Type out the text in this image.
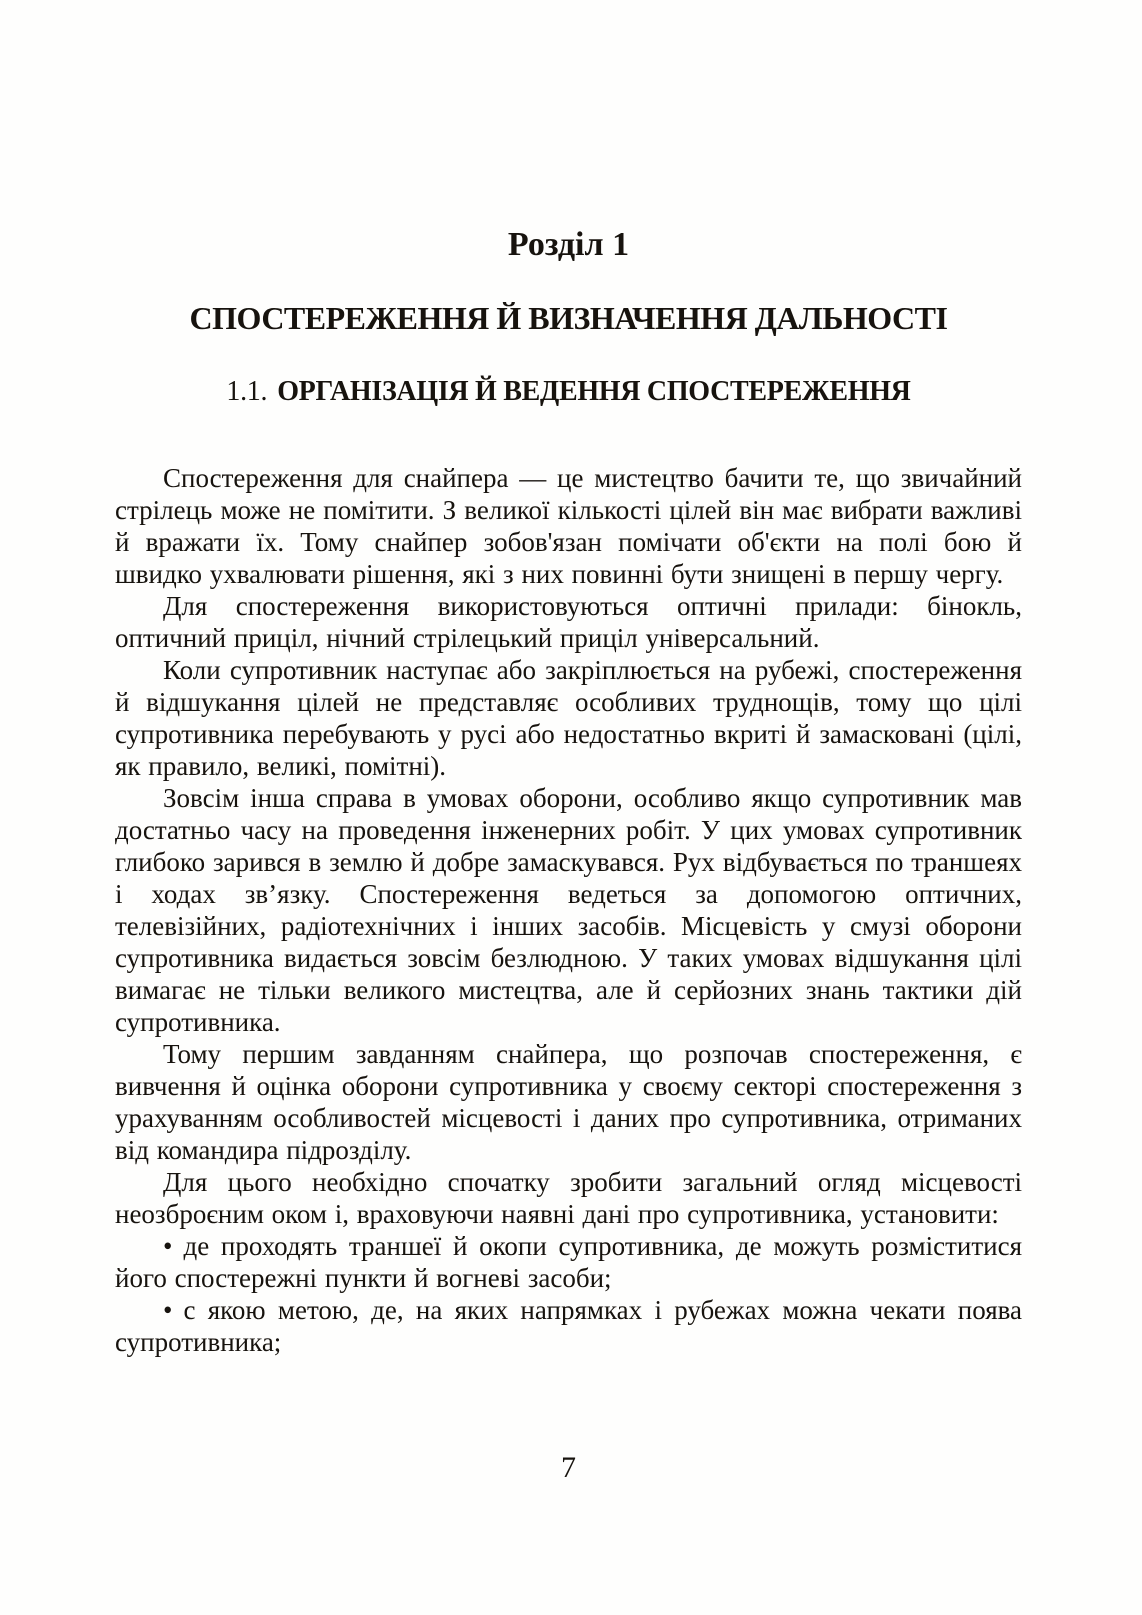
Розділ 1
СПОСТЕРЕЖЕННЯ Й ВИЗНАЧЕННЯ ДАЛЬНОСТІ
1.1. ОРГАНІЗАЦІЯ Й ВЕДЕННЯ СПОСТЕРЕЖЕННЯ

Спостереження для снайпера — це мистецтво бачити те, що звичайний стрілець може не помітити. З великої кількості цілей він має вибрати важливі й вражати їх. Тому снайпер зобов'язан помічати об'єкти на полі бою й швидко ухвалювати рішення, які з них повинні бути знищені в першу чергу.

Для спостереження використовуються оптичні прилади: бінокль, оптичний приціл, нічний стрілецький приціл універсальний.

Коли супротивник наступає або закріплюється на рубежі, спостереження й відшукання цілей не представляє особливих труднощів, тому що цілі супротивника перебувають у русі або недостатньо вкриті й замасковані (цілі, як правило, великі, помітні).

Зовсім інша справа в умовах оборони, особливо якщо супротивник мав достатньо часу на проведення інженерних робіт. У цих умовах супротивник глибоко зарився в землю й добре замаскувався. Рух відбувається по траншеях і ходах зв’язку. Спостереження ведеться за допомогою оптичних, телевізійних, радіотехнічних і інших засобів. Місцевість у смузі оборони супротивника видається зовсім безлюдною. У таких умовах відшукання цілі вимагає не тільки великого мистецтва, але й серйозних знань тактики дій супротивника.

Тому першим завданням снайпера, що розпочав спостереження, є вивчення й оцінка оборони супротивника у своєму секторі спостереження з урахуванням особливостей місцевості і даних про супротивника, отриманих від командира підрозділу.

Для цього необхідно спочатку зробити загальний огляд місцевості неозброєним оком і, враховуючи наявні дані про супротивника, установити:

• де проходять траншеї й окопи супротивника, де можуть розміститися його спостережні пункти й вогневі засоби;

• с якою метою, де, на яких напрямках і рубежах можна чекати поява супротивника;

7
